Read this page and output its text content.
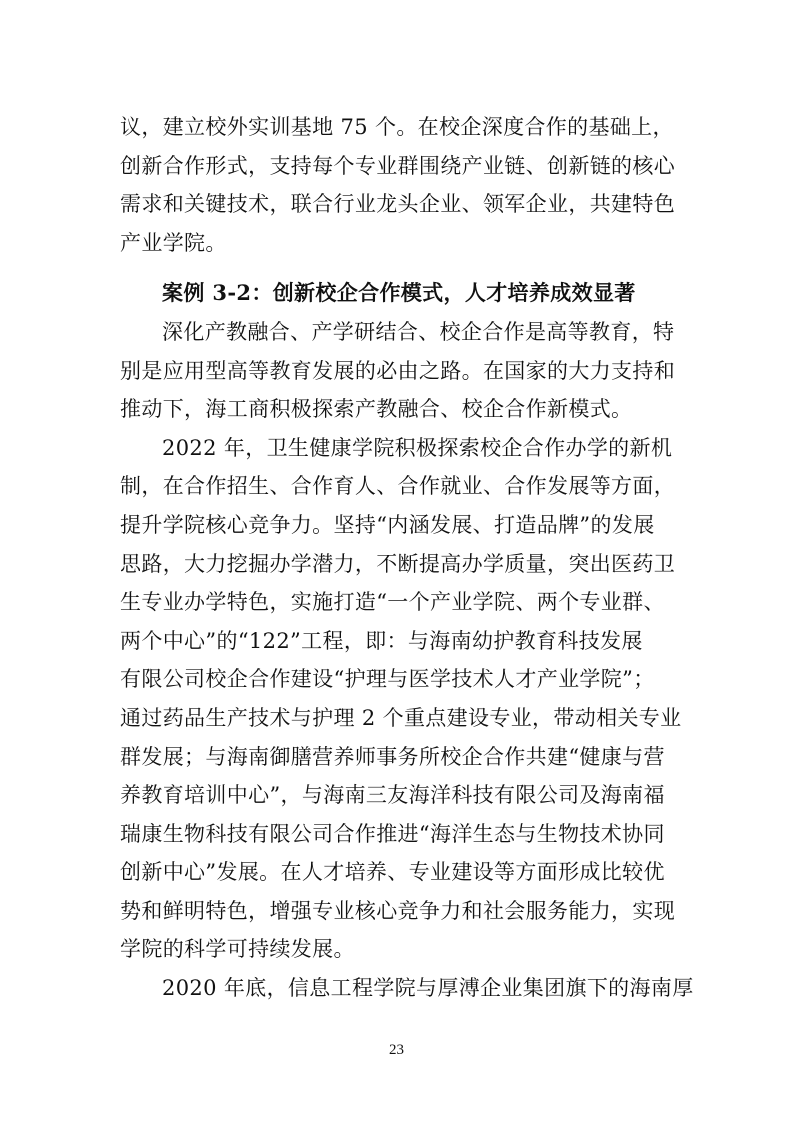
议，建立校外实训基地 75 个。在校企深度合作的基础上，
创新合作形式，支持每个专业群围绕产业链、创新链的核心
需求和关键技术，联合行业龙头企业、领军企业，共建特色
产业学院。
案例 3-2：创新校企合作模式，人才培养成效显著
深化产教融合、产学研结合、校企合作是高等教育，特
别是应用型高等教育发展的必由之路。在国家的大力支持和
推动下，海工商积极探索产教融合、校企合作新模式。
2022 年，卫生健康学院积极探索校企合作办学的新机
制，在合作招生、合作育人、合作就业、合作发展等方面，
提升学院核心竞争力。坚持“内涵发展、打造品牌”的发展
思路，大力挖掘办学潜力，不断提高办学质量，突出医药卫
生专业办学特色，实施打造“一个产业学院、两个专业群、
两个中心”的“122”工程，即：与海南幼护教育科技发展
有限公司校企合作建设“护理与医学技术人才产业学院”；
通过药品生产技术与护理 2 个重点建设专业，带动相关专业
群发展；与海南御膳营养师事务所校企合作共建“健康与营
养教育培训中心”，与海南三友海洋科技有限公司及海南福
瑞康生物科技有限公司合作推进“海洋生态与生物技术协同
创新中心”发展。在人才培养、专业建设等方面形成比较优
势和鲜明特色，增强专业核心竞争力和社会服务能力，实现
学院的科学可持续发展。
2020 年底，信息工程学院与厚溥企业集团旗下的海南厚
23
